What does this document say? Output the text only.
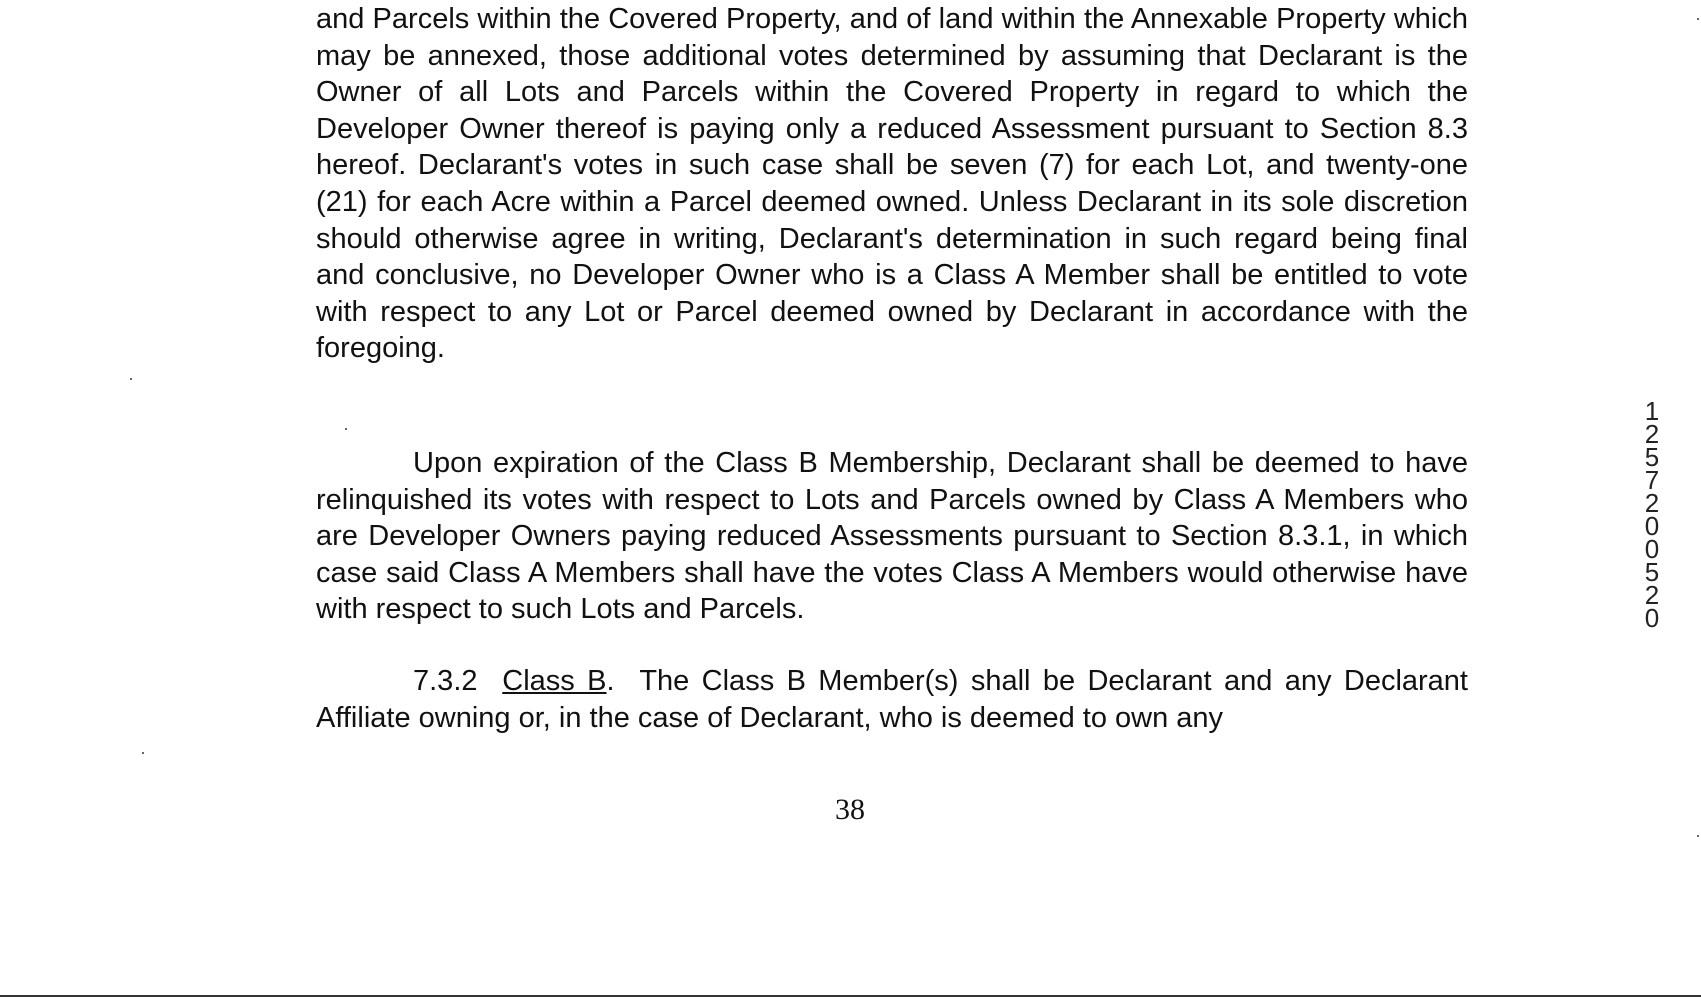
and Parcels within the Covered Property, and of land within the Annexable Property which may be annexed, those additional votes determined by assuming that Declarant is the Owner of all Lots and Parcels within the Covered Property in regard to which the Developer Owner thereof is paying only a reduced Assessment pursuant to Section 8.3 hereof. Declarant's votes in such case shall be seven (7) for each Lot, and twenty-one (21) for each Acre within a Parcel deemed owned. Unless Declarant in its sole discretion should otherwise agree in writing, Declarant's determination in such regard being final and conclusive, no Developer Owner who is a Class A Member shall be entitled to vote with respect to any Lot or Parcel deemed owned by Declarant in accordance with the foregoing.

Upon expiration of the Class B Membership, Declarant shall be deemed to have relinquished its votes with respect to Lots and Parcels owned by Class A Members who are Developer Owners paying reduced Assessments pursuant to Section 8.3.1, in which case said Class A Members shall have the votes Class A Members would otherwise have with respect to such Lots and Parcels.

7.3.2 Class B. The Class B Member(s) shall be Declarant and any Declarant Affiliate owning or, in the case of Declarant, who is deemed to own any

38
1257200520
